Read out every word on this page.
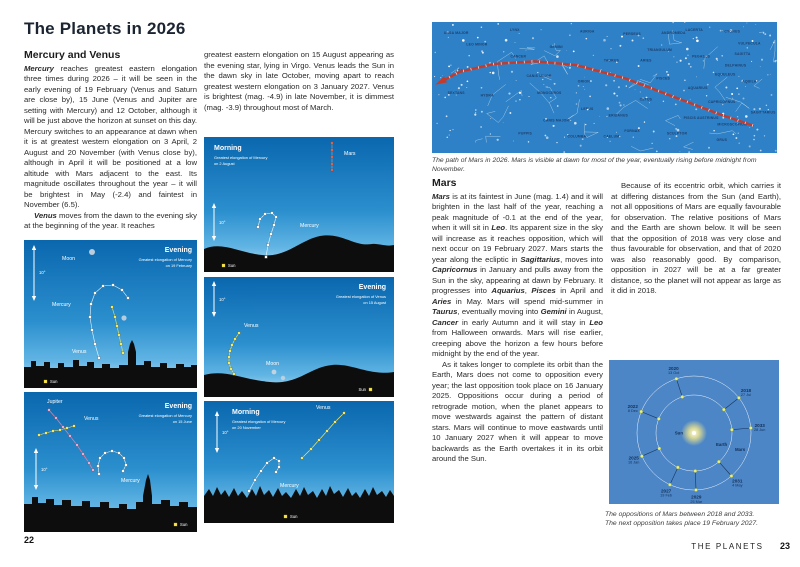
The Planets in 2026
Mercury and Venus

Mercury reaches greatest eastern elongation three times during 2026 – it will be seen in the early evening of 19 February (Venus and Saturn are close by), 15 June (Venus and Jupiter are setting with Mercury) and 12 October, although it will be just above the horizon at sunset on this day. Mercury switches to an appearance at dawn when it is at greatest western elongation on 3 April, 2 August and 20 November (with Venus close by), although in April it will be positioned at a low altitude with Mars adjacent to the east. Its magnitude oscillates throughout the year – it will be brightest in May (-2.4) and faintest in November (6.5).

Venus moves from the dawn to the evening sky at the beginning of the year. It reaches

greatest eastern elongation on 15 August appearing as the evening star, lying in Virgo. Venus leads the Sun in the dawn sky in late October, moving apart to reach greatest western elongation on 3 January 2027. Venus is brightest (mag. -4.9) in late November, it is dimmest (mag. -3.9) throughout most of March.

10°
Evening
Greatest elongation of Mercury
on 19 February
Moon
Mercury
Venus
Sun
10°
Evening
Greatest elongation of Mercury
on 15 June
Jupiter
Venus
Mercury
Sun
10°
Morning
Greatest elongation of Mercury
on 2 August
Mars
Mercury
Sun
10°
Evening
Greatest elongation of Venus
on 15 August
Venus
Moon
Sun
10°
Morning
Greatest elongation of Mercury
on 20 November
Venus
Mercury
Sun
22
URSA MAJOR
LYNX
LEO MINOR
LEO
CANCER
GEMINI
AURIGA
CANIS MINOR
HYDRA
SEXTANS	MONOCEROS
ORION
LEPUS
ERIDANUS
CANIS MAJOR
PUPPIS
COLUMBA	CAELUM
TAURUS
PERSEUS
ARIES
TRIANGULUM
ANDROMEDA
PISCES
CETUS
FORNAX
SCULPTOR
AQUARIUS
CAPRICORNUS
PISCIS AUSTRINUS
MICROSCOPIUM
GRUS
PEGASUS
EQUULEUS
DELPHINUS
SAGITTA
AQUILA
VULPECULA
CYGNUS
LACERTA
SAGITTARIUS
The path of Mars in 2026. Mars is visible at dawn for most of the year, eventually rising before midnight from November.
Mars

Mars is at its faintest in June (mag. 1.4) and it will brighten in the last half of the year, reaching a peak magnitude of -0.1 at the end of the year, when it will sit in Leo. Its apparent size in the sky will increase as it reaches opposition, which will next occur on 19 February 2027. Mars starts the year along the ecliptic in Sagittarius, moves into Capricornus in January and pulls away from the Sun in the sky, appearing at dawn by February. It progresses into Aquarius, Pisces in April and Aries in May. Mars will spend mid-summer in Taurus, eventually moving into Gemini in August, Cancer in early Autumn and it will stay in Leo from Halloween onwards. Mars will rise earlier, creeping above the horizon a few hours before midnight by the end of the year.

As it takes longer to complete its orbit than the Earth, Mars does not come to opposition every year; the last opposition took place on 16 January 2025. Oppositions occur during a period of retrograde motion, when the planet appears to move westwards against the pattern of distant stars. Mars will continue to move eastwards until 10 January 2027 when it will appear to move backwards as the Earth overtakes it in its orbit around the Sun.

Because of its eccentric orbit, which carries it at differing distances from the Sun (and Earth), not all oppositions of Mars are equally favourable for observation. The relative positions of Mars and the Earth are shown below. It will be seen that the opposition of 2018 was very close and thus favourable for observation, and that of 2020 was also reasonably good. By comparison, opposition in 2027 will be at a far greater distance, so the planet will not appear as large as it did in 2018.

2018
27 Jul
2020
13 Oct
2022
8 Dec
2025
16 Jan
2027
19 Feb	2029
25 Mar
2031
4 May
2033
28 Jun
Sun
Earth
Mars
The oppositions of Mars between 2018 and 2033.
The next opposition takes place 19 February 2027.
THE PLANETS 23
